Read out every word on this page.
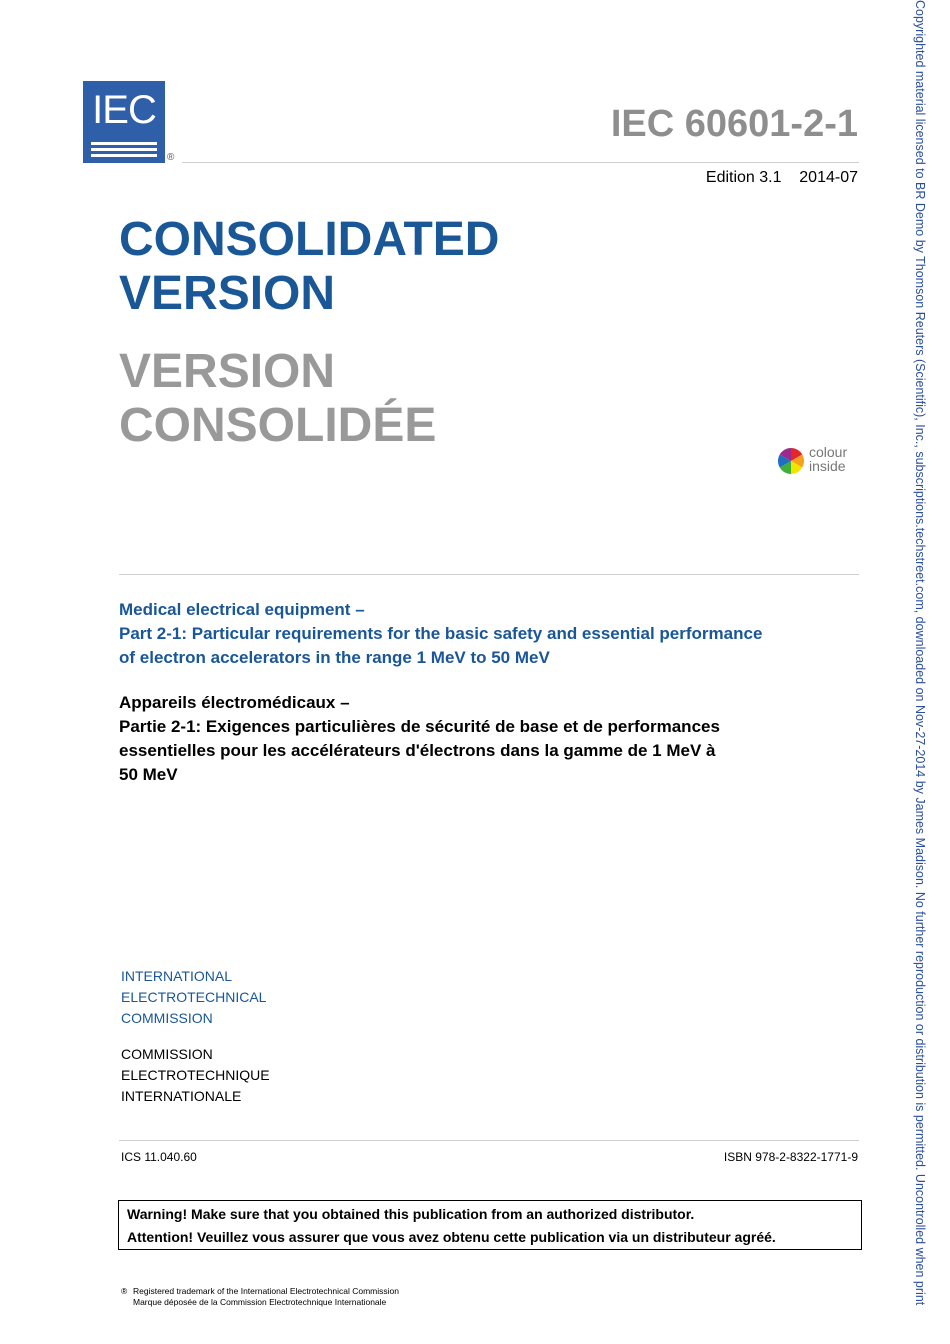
IEC
®
IEC 60601-2-1
Edition 3.1    2014-07
CONSOLIDATED
VERSION
VERSION
CONSOLIDÉE	colour
inside
Medical electrical equipment –
Part 2-1: Particular requirements for the basic safety and essential performance
of electron accelerators in the range 1 MeV to 50 MeV
Appareils électromédicaux –
Partie 2-1: Exigences particulières de sécurité de base et de performances
essentielles pour les accélérateurs d'électrons dans la gamme de 1 MeV à
50 MeV
INTERNATIONAL
ELECTROTECHNICAL
COMMISSION
COMMISSION
ELECTROTECHNIQUE
INTERNATIONALE
ICS 11.040.60	ISBN 978-2-8322-1771-9
Warning! Make sure that you obtained this publication from an authorized distributor.
Attention! Veuillez vous assurer que vous avez obtenu cette publication via un distributeur agréé.
® Registered trademark of the International Electrotechnical Commission
Marque déposée de la Commission Electrotechnique Internationale	Copyrighted material licensed to BR Demo by Thomson Reuters (Scientific), Inc., subscriptions.techstreet.com, downloaded on Nov-27-2014 by James Madison. No further reproduction or distribution is permitted. Uncontrolled when print
